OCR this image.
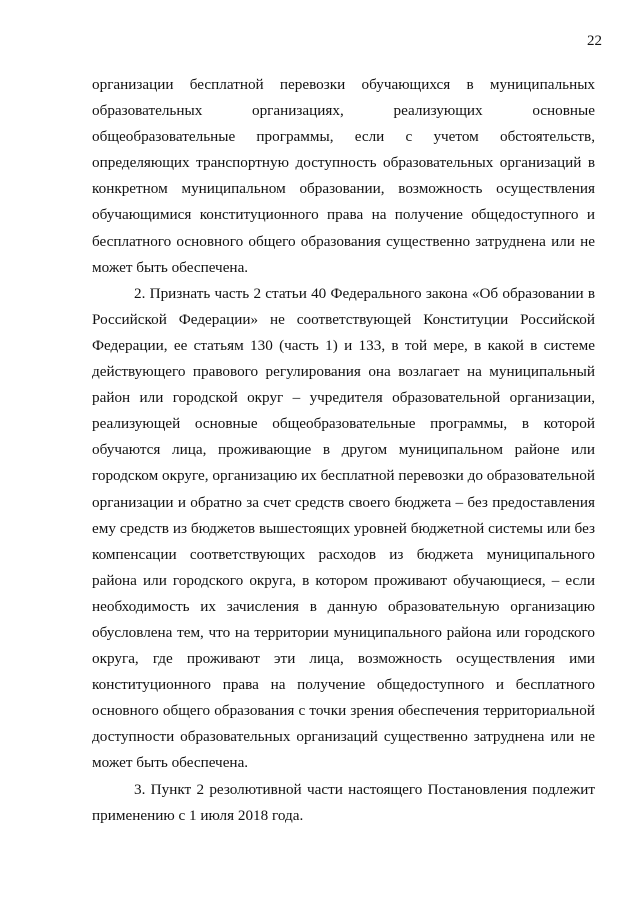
22

организации бесплатной перевозки обучающихся в муниципальных образовательных организациях, реализующих основные общеобразовательные программы, если с учетом обстоятельств, определяющих транспортную доступность образовательных организаций в конкретном муниципальном образовании, возможность осуществления обучающимися конституционного права на получение общедоступного и бесплатного основного общего образования существенно затруднена или не может быть обеспечена.

2. Признать часть 2 статьи 40 Федерального закона «Об образовании в Российской Федерации» не соответствующей Конституции Российской Федерации, ее статьям 130 (часть 1) и 133, в той мере, в какой в системе действующего правового регулирования она возлагает на муниципальный район или городской округ – учредителя образовательной организации, реализующей основные общеобразовательные программы, в которой обучаются лица, проживающие в другом муниципальном районе или городском округе, организацию их бесплатной перевозки до образовательной организации и обратно за счет средств своего бюджета – без предоставления ему средств из бюджетов вышестоящих уровней бюджетной системы или без компенсации соответствующих расходов из бюджета муниципального района или городского округа, в котором проживают обучающиеся, – если необходимость их зачисления в данную образовательную организацию обусловлена тем, что на территории муниципального района или городского округа, где проживают эти лица, возможность осуществления ими конституционного права на получение общедоступного и бесплатного основного общего образования с точки зрения обеспечения территориальной доступности образовательных организаций существенно затруднена или не может быть обеспечена.

3. Пункт 2 резолютивной части настоящего Постановления подлежит применению с 1 июля 2018 года.
